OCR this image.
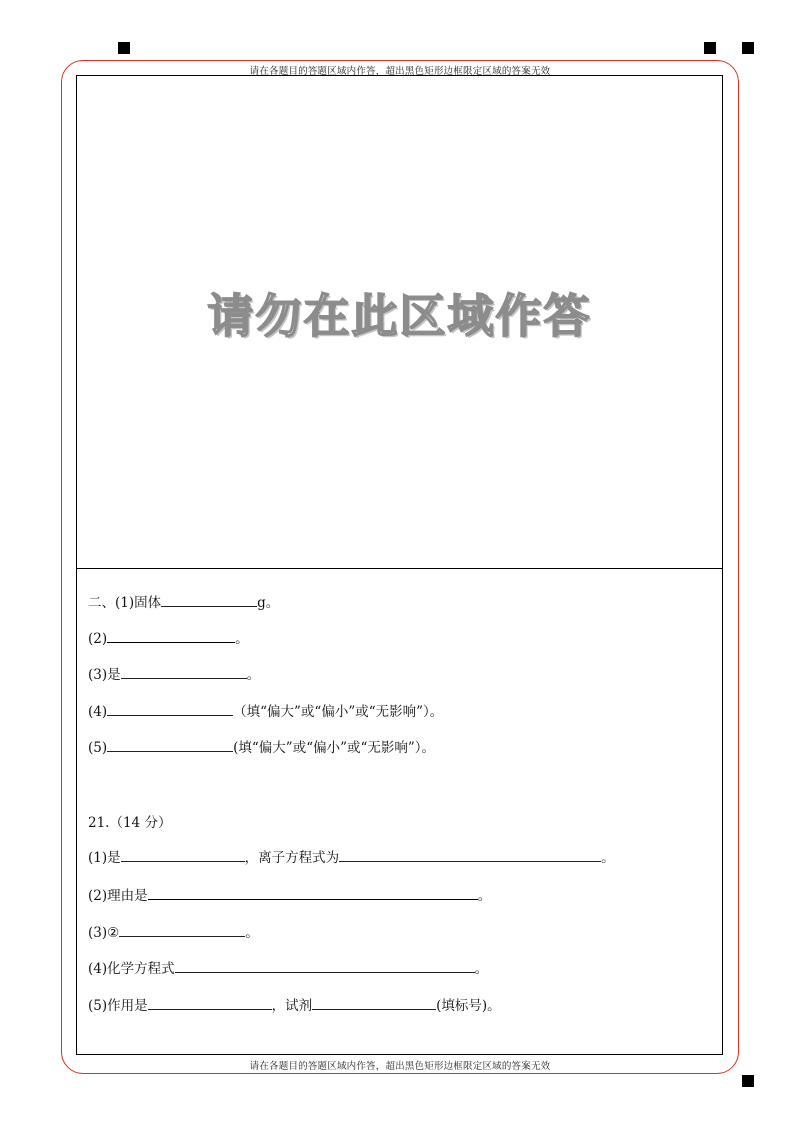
请在各题目的答题区域内作答，超出黑色矩形边框限定区域的答案无效
请在各题目的答题区域内作答，超出黑色矩形边框限定区域的答案无效
请勿在此区域作答
二、(1)固体	g。
(2)	。
(3)是	。
(4)	（填“偏大”或“偏小”或“无影响”）。
(5)	(填“偏大”或“偏小”或“无影响”）。
21.（14 分）
(1)是	，离子方程式为	。
(2)理由是	。
(3)②	。
(4)化学方程式	。
(5)作用是	，试剂	(填标号)。
